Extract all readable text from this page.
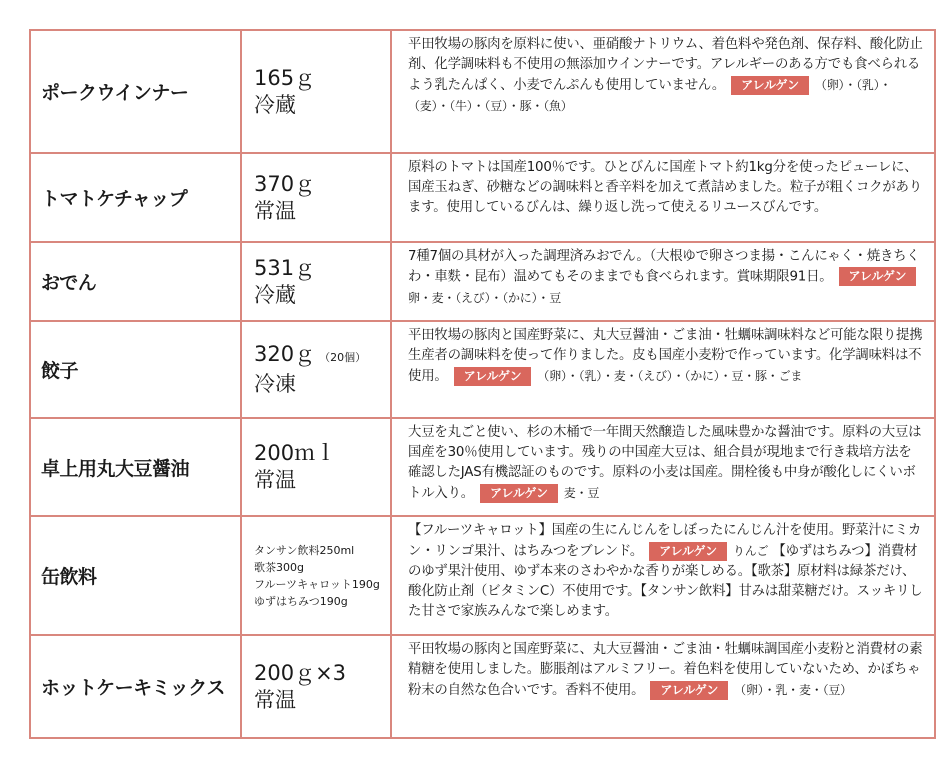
ポークウインナー
165ｇ
冷蔵
平田牧場の豚肉を原料に使い、亜硝酸ナトリウム、着色料や発色剤、保存料、酸化防止剤、化学調味料も不使用の無添加ウインナーです。アレルギーのある方でも食べられるよう乳たんぱく、小麦でんぷんも使用していません。 アレルゲン （卵）・（乳）・（麦）・（牛）・（豆）・豚・（魚）
トマトケチャップ
370ｇ
常温
原料のトマトは国産100％です。ひとびんに国産トマト約1kg分を使ったピューレに、国産玉ねぎ、砂糖などの調味料と香辛料を加えて煮詰めました。粒子が粗くコクがあります。使用しているびんは、繰り返し洗って使えるリユースびんです。
おでん
531ｇ
冷蔵
7種7個の具材が入った調理済みおでん。（大根ゆで卵さつま揚・こんにゃく・焼きちくわ・車麩・昆布）温めてもそのままでも食べられます。賞味期限91日。 アレルゲン卵・麦・（えび）・（かに）・豆
餃子
320ｇ （20個）
冷凍
平田牧場の豚肉と国産野菜に、丸大豆醤油・ごま油・牡蠣味調味料など可能な限り提携生産者の調味料を使って作りました。皮も国産小麦粉で作っています。化学調味料は不使用。 アレルゲン （卵）・（乳）・麦・（えび）・（かに）・豆・豚・ごま
卓上用丸大豆醤油
200ｍｌ
常温
大豆を丸ごと使い、杉の木桶で一年間天然醸造した風味豊かな醤油です。原料の大豆は国産を30％使用しています。残りの中国産大豆は、組合員が現地まで行き栽培方法を確認したJAS有機認証のものです。原料の小麦は国産。開栓後も中身が酸化しにくいボトル入り。 アレルゲン 麦・豆
缶飲料
タンサン飲料250ml
歌茶300g
フルーツキャロット190g
ゆずはちみつ190g
【フルーツキャロット】国産の生にんじんをしぼったにんじん汁を使用。野菜汁にミカン・リンゴ果汁、はちみつをブレンド。 アレルゲン りんご 【ゆずはちみつ】消費材のゆず果汁使用、ゆず本来のさわやかな香りが楽しめる。【歌茶】原材料は緑茶だけ、酸化防止剤（ビタミンC）不使用です。【タンサン飲料】甘みは甜菜糖だけ。スッキリした甘さで家族みんなで楽しめます。
ホットケーキミックス
200ｇ×3
常温
平田牧場の豚肉と国産野菜に、丸大豆醤油・ごま油・牡蠣味調国産小麦粉と消費材の素精糖を使用しました。膨脹剤はアルミフリー。着色料を使用していないため、かぼちゃ粉末の自然な色合いです。香料不使用。 アレルゲン （卵）・乳・麦・（豆）
